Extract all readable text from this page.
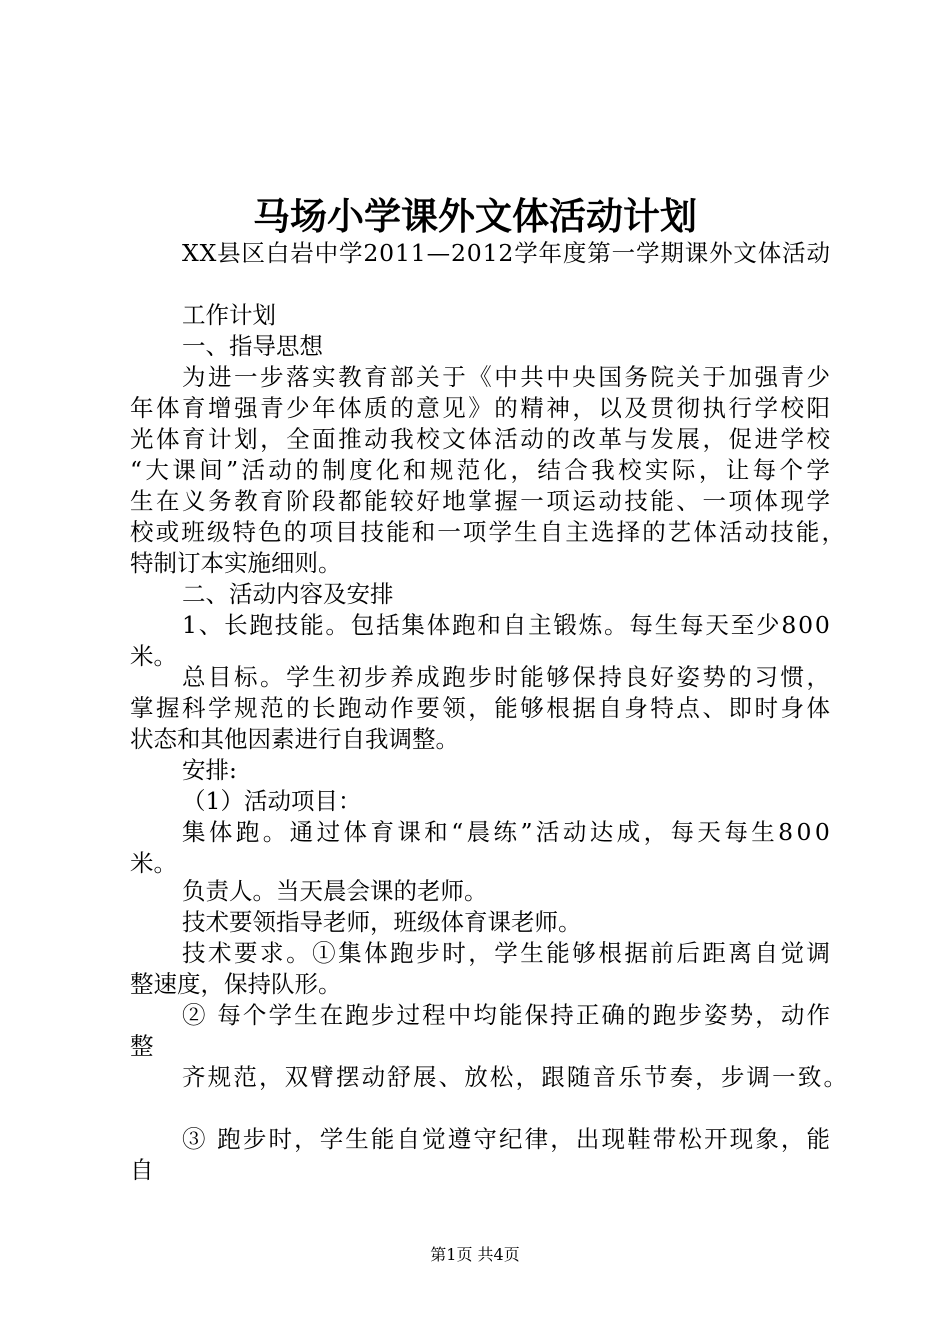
马场小学课外文体活动计划
XX县区白岩中学2011—2012学年度第一学期课外文体活动
工作计划
一、指导思想
为进一步落实教育部关于《中共中央国务院关于加强青少
年体育增强青少年体质的意见》的精神，以及贯彻执行学校阳
光体育计划，全面推动我校文体活动的改革与发展，促进学校
“大课间”活动的制度化和规范化，结合我校实际，让每个学
生在义务教育阶段都能较好地掌握一项运动技能、一项体现学
校或班级特色的项目技能和一项学生自主选择的艺体活动技能，
特制订本实施细则。
二、活动内容及安排
1、长跑技能。包括集体跑和自主锻炼。每生每天至少800
米。
总目标。学生初步养成跑步时能够保持良好姿势的习惯，
掌握科学规范的长跑动作要领，能够根据自身特点、即时身体
状态和其他因素进行自我调整。
安排:
（1）活动项目：
集体跑。通过体育课和“晨练”活动达成，每天每生800
米。
负责人。当天晨会课的老师。
技术要领指导老师，班级体育课老师。
技术要求。①集体跑步时，学生能够根据前后距离自觉调
整速度，保持队形。
② 每个学生在跑步过程中均能保持正确的跑步姿势，动作
整
齐规范，双臂摆动舒展、放松，跟随音乐节奏，步调一致。
③ 跑步时，学生能自觉遵守纪律，出现鞋带松开现象，能
自
第1页 共4页
